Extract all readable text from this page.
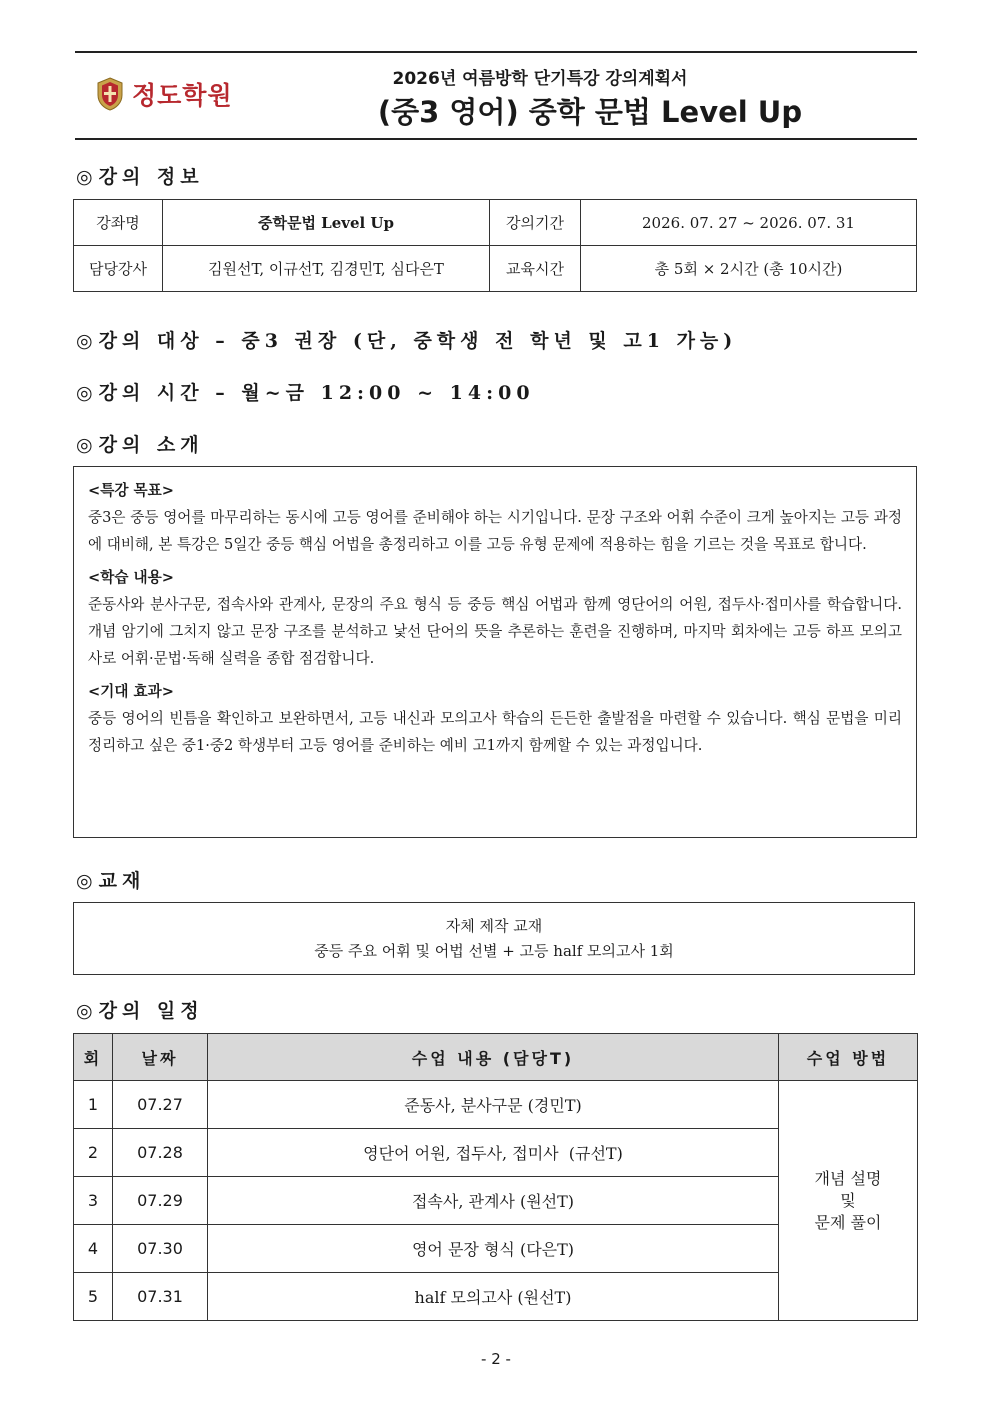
정도학원
2026년 여름방학 단기특강 강의계획서
(중3 영어) 중학 문법 Level Up
◎ 강의 정보
강좌명	중학문법 Level Up	강의기간	2026. 07. 27 ~ 2026. 07. 31
담당강사	김원선T, 이규선T, 김경민T, 심다은T	교육시간	총 5회 × 2시간 (총 10시간)
◎ 강의 대상 – 중3 권장 (단, 중학생 전 학년 및 고1 가능)
◎ 강의 시간 – 월~금 12:00 ~ 14:00
◎ 강의 소개

<특강 목표>

중3은 중등 영어를 마무리하는 동시에 고등 영어를 준비해야 하는 시기입니다. 문장 구조와 어휘 수준이 크게 높아지는 고등 과정에 대비해, 본 특강은 5일간 중등 핵심 어법을 총정리하고 이를 고등 유형 문제에 적용하는 힘을 기르는 것을 목표로 합니다.

<학습 내용>

준동사와 분사구문, 접속사와 관계사, 문장의 주요 형식 등 중등 핵심 어법과 함께 영단어의 어원, 접두사·접미사를 학습합니다. 개념 암기에 그치지 않고 문장 구조를 분석하고 낯선 단어의 뜻을 추론하는 훈련을 진행하며, 마지막 회차에는 고등 하프 모의고사로 어휘·문법·독해 실력을 종합 점검합니다.

<기대 효과>

중등 영어의 빈틈을 확인하고 보완하면서, 고등 내신과 모의고사 학습의 든든한 출발점을 마련할 수 있습니다. 핵심 문법을 미리 정리하고 싶은 중1·중2 학생부터 고등 영어를 준비하는 예비 고1까지 함께할 수 있는 과정입니다.

◎ 교재
자체 제작 교재
중등 주요 어휘 및 어법 선별 + 고등 half 모의고사 1회
◎ 강의 일정
회	날짜	수업 내용 (담당T)	수업 방법
1	07.27	준동사, 분사구문 (경민T)	개념 설명
및
문제 풀이

2	07.28	영단어 어원, 접두사, 접미사  (규선T)	
3	07.29	접속사, 관계사 (원선T)	
4	07.30	영어 문장 형식 (다은T)	
5	07.31	half 모의고사 (원선T)	
- 2 -
